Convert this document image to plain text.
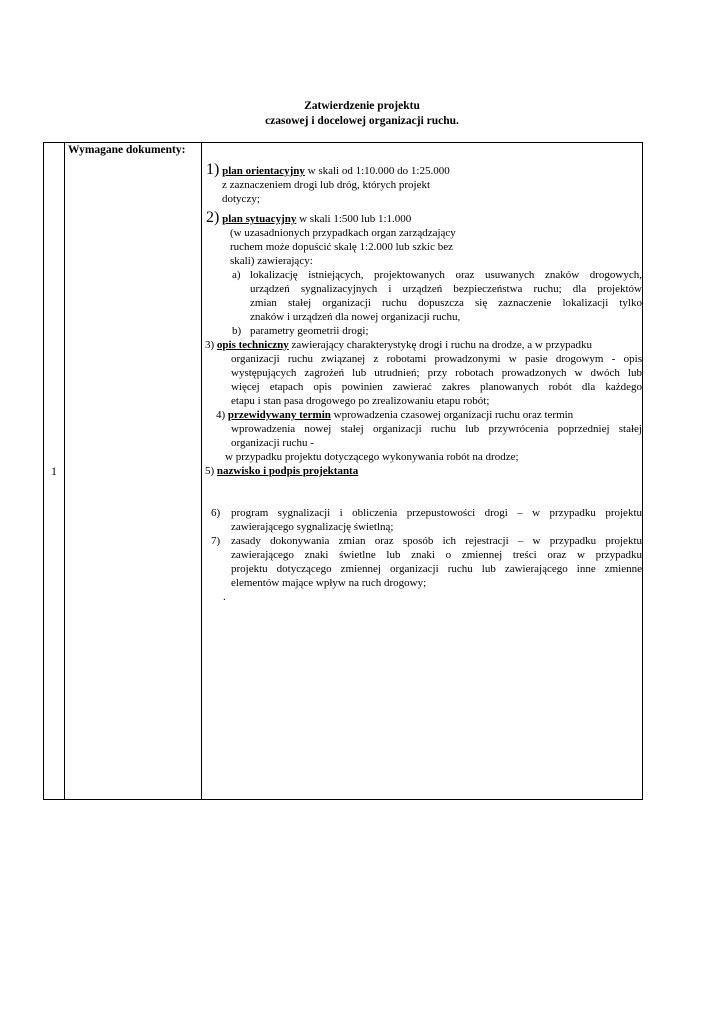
Zatwierdzenie projektu
czasowej i docelowej organizacji ruchu.
1
Wymagane dokumenty:
1) plan orientacyjny w skali od 1:10.000 do 1:25.000
z zaznaczeniem drogi lub dróg, których projekt
dotyczy;
2) plan sytuacyjny w skali 1:500 lub 1:1.000
(w uzasadnionych przypadkach organ zarządzający
ruchem może dopuścić skalę 1:2.000 lub szkic bez
skali) zawierający:
a) lokalizację istniejących, projektowanych oraz usuwanych znaków drogowych,
urządzeń sygnalizacyjnych i urządzeń bezpieczeństwa ruchu; dla projektów
zmian stałej organizacji ruchu dopuszcza się zaznaczenie lokalizacji tylko
znaków i urządzeń dla nowej organizacji ruchu,
b) parametry geometrii drogi;
3) opis techniczny zawierający charakterystykę drogi i ruchu na drodze, a w przypadku
organizacji ruchu związanej z robotami prowadzonymi w pasie drogowym - opis
występujących zagrożeń lub utrudnień; przy robotach prowadzonych w dwóch lub
więcej etapach opis powinien zawierać zakres planowanych robót dla każdego
etapu i stan pasa drogowego po zrealizowaniu etapu robót;
4) przewidywany termin wprowadzenia czasowej organizacji ruchu oraz termin
wprowadzenia nowej stałej organizacji ruchu lub przywrócenia poprzedniej stałej
organizacji ruchu -
w przypadku projektu dotyczącego wykonywania robót na drodze;
5) nazwisko i podpis projektanta
6) program sygnalizacji i obliczenia przepustowości drogi – w przypadku projektu
zawierającego sygnalizację świetlną;
7) zasady dokonywania zmian oraz sposób ich rejestracji – w przypadku projektu
zawierającego znaki świetlne lub znaki o zmiennej treści oraz w przypadku
projektu dotyczącego zmiennej organizacji ruchu lub zawierającego inne zmienne
elementów mające wpływ na ruch drogowy;
.
